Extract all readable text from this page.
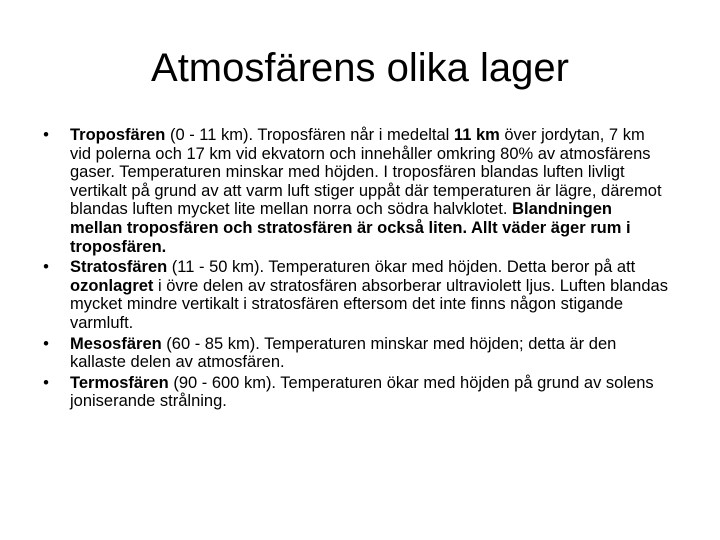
Atmosfärens olika lager
•	Troposfären (0 - 11 km). Troposfären når i medeltal 11 km över jordytan, 7 km vid polerna och 17 km vid ekvatorn och innehåller omkring 80% av atmosfärens gaser. Temperaturen minskar med höjden. I troposfären blandas luften livligt vertikalt på grund av att varm luft stiger uppåt där temperaturen är lägre, däremot blandas luften mycket lite mellan norra och södra halvklotet. Blandningen mellan troposfären och stratosfären är också liten. Allt väder äger rum i troposfären.
•	Stratosfären (11 - 50 km). Temperaturen ökar med höjden. Detta beror på att ozonlagret i övre delen av stratosfären absorberar ultraviolett ljus. Luften blandas mycket mindre vertikalt i stratosfären eftersom det inte finns någon stigande varmluft.
•	Mesosfären (60 - 85 km). Temperaturen minskar med höjden; detta är den kallaste delen av atmosfären.
•	Termosfären (90 - 600 km). Temperaturen ökar med höjden på grund av solens joniserande strålning.
